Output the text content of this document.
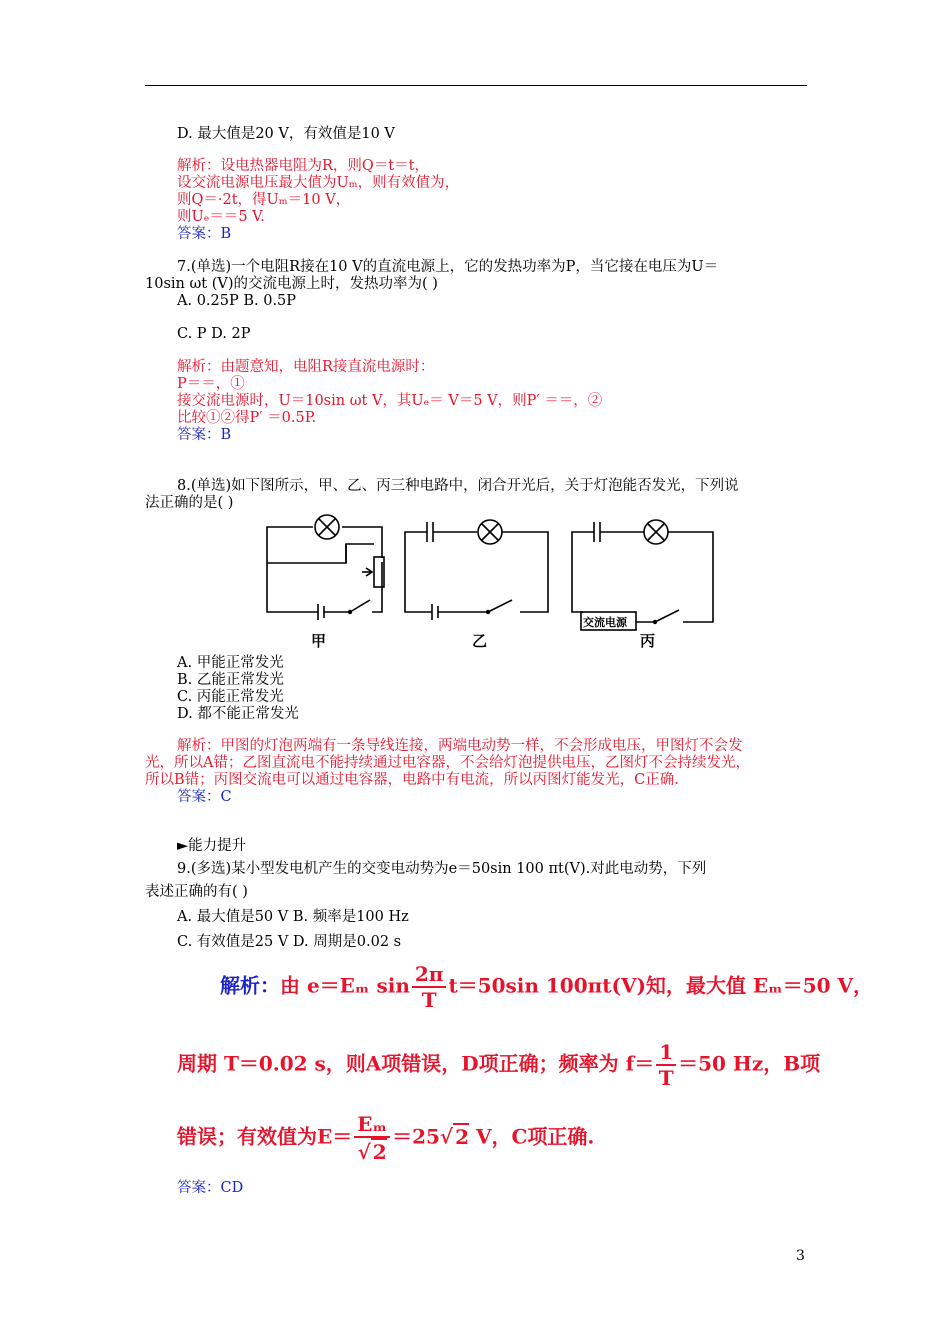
D. 最大值是20 V，有效值是10 V
解析：设电热器电阻为R，则Q＝t＝t，
设交流电源电压最大值为Uₘ，则有效值为，
则Q＝·2t，得Uₘ＝10 V，
则Uₑ＝＝5 V.
答案：B
7.(单选)一个电阻R接在10 V的直流电源上，它的发热功率为P，当它接在电压为U＝
10sin ωt (V)的交流电源上时，发热功率为( )
A. 0.25P B. 0.5P
C. P D. 2P
解析：由题意知，电阻R接直流电源时：
P＝＝，①
接交流电源时，U＝10sin ωt V，其Uₑ＝ V＝5 V，则P′ ＝＝，②
比较①②得P′ ＝0.5P.
答案：B
8.(单选)如下图所示，甲、乙、丙三种电路中，闭合开光后，关于灯泡能否发光，下列说
法正确的是( )
甲	乙	丙
交流电源
A. 甲能正常发光
B. 乙能正常发光
C. 丙能正常发光
D. 都不能正常发光
解析：甲图的灯泡两端有一条导线连接，两端电动势一样，不会形成电压，甲图灯不会发
光，所以A错；乙图直流电不能持续通过电容器，不会给灯泡提供电压，乙图灯不会持续发光，
所以B错；丙图交流电可以通过电容器，电路中有电流，所以丙图灯能发光，C正确.
答案：C
►能力提升
9.(多选)某小型发电机产生的交变电动势为e＝50sin 100 πt(V).对此电动势，下列
表述正确的有( )
A. 最大值是50 V B. 频率是100 Hz
C. 有效值是25 V D. 周期是0.02 s
解析：由 e＝Eₘ $\sin \frac{2\pi}{T} t=50\sin$ 100πt(V)知，最大值 Eₘ＝50 V，
周期 T＝0.02 s，则A项错误，D项正确；频率为 $f= \frac{1}{T} =50$ Hz，B项
错误；有效值为$E= \frac{\text{Eₘ}}{√ 2} =25√$ 2 V，C项正确.
答案：CD
3
